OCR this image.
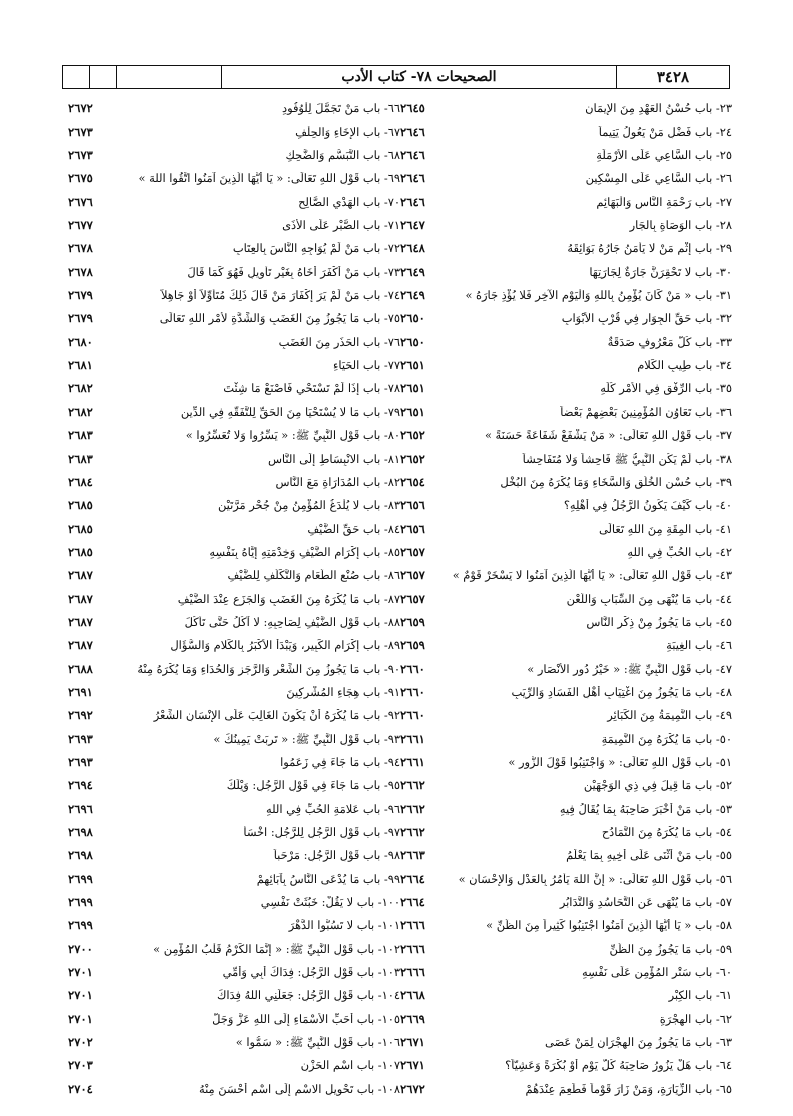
الصحيحات ٧٨- كتاب الأدب	٣٤٢٨
٢٣- باب حُسْنُ العَهْدِ مِنَ الإيمَانِ
٢٦٤٥
٢٤- باب فَضْلِ مَنْ يَعُولُ يَتِيماً
٢٦٤٦
٢٥- باب السَّاعِي عَلَى الأَرْمَلَةِ
٢٦٤٦
٢٦- باب السَّاعِي عَلَى المِسْكِينِ
٢٦٤٦
٢٧- باب رَحْمَةِ النَّاسِ وَالْبَهَائِمِ
٢٦٤٦
٢٨- باب الوَصَاةِ بِالجَارِ
٢٦٤٧
٢٩- باب إِثْمِ مَنْ لا يَأْمَنُ جَارُهُ بَوَائِقَهُ
٢٦٤٨
٣٠- باب لا تَحْقِرَنَّ جَارَةٌ لِجَارَتِهَا
٢٦٤٩
٣١- باب « مَنْ كَانَ يُؤْمِنُ بِاللهِ وَالْيَوْمِ الآخِرِ فَلا يُؤْذِ جَارَهُ »
٢٦٤٩
٣٢- باب حَقِّ الجِوَارِ فِي قُرْبِ الأَبْوَابِ
٢٦٥٠
٣٣- باب كُلُّ مَعْرُوفٍ صَدَقَةٌ
٢٦٥٠
٣٤- باب طِيبِ الكَلامِ
٢٦٥١
٣٥- باب الرِّفْقِ فِي الأَمْرِ كُلِّهِ
٢٦٥١
٣٦- باب تَعَاوُنِ المُؤْمِنِينَ بَعْضِهِمْ بَعْضاً
٢٦٥١
٣٧- باب قَوْلِ اللهِ تَعَالَى: « مَنْ يَشْفَعْ شَفَاعَةً حَسَنَةً »
٢٦٥٢
٣٨- باب لَمْ يَكُنِ النَّبِيُّ ﷺ فَاحِشاً وَلا مُتَفَاحِشاً
٢٦٥٢
٣٩- باب حُسْنِ الخُلُقِ وَالسَّخَاءِ وَمَا يُكْرَهُ مِنَ البُخْلِ
٢٦٥٤
٤٠- باب كَيْفَ يَكُونُ الرَّجُلُ فِي أَهْلِهِ؟
٢٦٥٦
٤١- باب المِقَةِ مِنَ اللهِ تَعَالَى
٢٦٥٦
٤٢- باب الحُبِّ فِي اللهِ
٢٦٥٧
٤٣- باب قَوْلِ اللهِ تَعَالَى: « يَا أَيُّهَا الَّذِينَ آمَنُوا لا يَسْخَرْ قَوْمٌ »
٢٦٥٧
٤٤- باب مَا يُنْهَى مِنَ السِّبَابِ وَاللَّعْنِ
٢٦٥٧
٤٥- باب مَا يَجُوزُ مِنْ ذِكْرِ النَّاسِ
٢٦٥٩
٤٦- باب الغِيبَةِ
٢٦٥٩
٤٧- باب قَوْلِ النَّبِيِّ ﷺ: « خَيْرُ دُورِ الأَنْصَارِ »
٢٦٦٠
٤٨- باب مَا يَجُوزُ مِنَ اغْتِيَابِ أَهْلِ الفَسَادِ وَالرِّيَبِ
٢٦٦٠
٤٩- باب النَّمِيمَةُ مِنَ الكَبَائِرِ
٢٦٦٠
٥٠- باب مَا يُكْرَهُ مِنَ النَّمِيمَةِ
٢٦٦١
٥١- باب قَوْلِ اللهِ تَعَالَى: « وَاجْتَنِبُوا قَوْلَ الزُّورِ »
٢٦٦١
٥٢- باب مَا قِيلَ فِي ذِي الوَجْهَيْنِ
٢٦٦٢
٥٣- باب مَنْ أَخْبَرَ صَاحِبَهُ بِمَا يُقَالُ فِيهِ
٢٦٦٢
٥٤- باب مَا يُكْرَهُ مِنَ التَّمَادُحِ
٢٦٦٢
٥٥- باب مَنْ أَثْنَى عَلَى أَخِيهِ بِمَا يَعْلَمُ
٢٦٦٣
٥٦- باب قَوْلِ اللهِ تَعَالَى: « إِنَّ اللهَ يَأْمُرُ بِالعَدْلِ وَالإِحْسَانِ »
٢٦٦٤
٥٧- باب مَا يُنْهَى عَنِ التَّحَاسُدِ وَالتَّدَابُرِ
٢٦٦٤
٥٨- باب « يَا أَيُّهَا الَّذِينَ آمَنُوا اجْتَنِبُوا كَثِيراً مِنَ الظَّنِّ »
٢٦٦٦
٥٩- باب مَا يَجُوزُ مِنَ الظَّنِّ
٢٦٦٦
٦٠- باب سَتْرِ المُؤْمِنِ عَلَى نَفْسِهِ
٢٦٦٦
٦١- باب الكِبْرِ
٢٦٦٨
٦٢- باب الهِجْرَةِ
٢٦٦٩
٦٣- باب مَا يَجُوزُ مِنَ الهِجْرَانِ لِمَنْ عَصَى
٢٦٧١
٦٤- باب هَلْ يَزُورُ صَاحِبَهُ كُلَّ يَوْمٍ أَوْ بُكْرَةً وَعَشِيّاً؟
٢٦٧١
٦٥- باب الزِّيَارَةِ، وَمَنْ زَارَ قَوْماً فَطَعِمَ عِنْدَهُمْ
٢٦٧٢
٦٦- باب مَنْ تَجَمَّلَ لِلْوُفُودِ
٢٦٧٢
٦٧- باب الإِخَاءِ وَالحِلْفِ
٢٦٧٣
٦٨- باب التَّبَسُّمِ وَالضَّحِكِ
٢٦٧٣
٦٩- باب قَوْلِ اللهِ تَعَالَى: « يَا أَيُّهَا الَّذِينَ آمَنُوا اتَّقُوا اللهَ »
٢٦٧٥
٧٠- باب الهَدْيِ الصَّالِحِ
٢٦٧٦
٧١- باب الصَّبْرِ عَلَى الأَذَى
٢٦٧٧
٧٢- باب مَنْ لَمْ يُوَاجِهِ النَّاسَ بِالعِتَابِ
٢٦٧٨
٧٣- باب مَنْ أَكْفَرَ أَخَاهُ بِغَيْرِ تَأْوِيلٍ فَهُوَ كَمَا قَالَ
٢٦٧٨
٧٤- باب مَنْ لَمْ يَرَ إِكْفَارَ مَنْ قَالَ ذَلِكَ مُتَأَوِّلاً أَوْ جَاهِلاً
٢٦٧٩
٧٥- باب مَا يَجُوزُ مِنَ الغَضَبِ وَالشِّدَّةِ لأَمْرِ اللهِ تَعَالَى
٢٦٧٩
٧٦- باب الحَذَرِ مِنَ الغَضَبِ
٢٦٨٠
٧٧- باب الحَيَاءِ
٢٦٨١
٧٨- باب إِذَا لَمْ تَسْتَحْيِ فَاصْنَعْ مَا شِئْتَ
٢٦٨٢
٧٩- باب مَا لا يُسْتَحْيَا مِنَ الحَقِّ لِلتَّفَقُّهِ فِي الدِّينِ
٢٦٨٢
٨٠- باب قَوْلِ النَّبِيِّ ﷺ: « يَسِّرُوا وَلا تُعَسِّرُوا »
٢٦٨٣
٨١- باب الانْبِسَاطِ إِلَى النَّاسِ
٢٦٨٣
٨٢- باب المُدَارَاةِ مَعَ النَّاسِ
٢٦٨٤
٨٣- باب لا يُلْدَغُ المُؤْمِنُ مِنْ جُحْرٍ مَرَّتَيْنِ
٢٦٨٥
٨٤- باب حَقِّ الضَّيْفِ
٢٦٨٥
٨٥- باب إِكْرَامِ الضَّيْفِ وَخِدْمَتِهِ إِيَّاهُ بِنَفْسِهِ
٢٦٨٥
٨٦- باب صُنْعِ الطَّعَامِ وَالتَّكَلُّفِ لِلضَّيْفِ
٢٦٨٧
٨٧- باب مَا يُكْرَهُ مِنَ الغَضَبِ وَالجَزَعِ عِنْدَ الضَّيْفِ
٢٦٨٧
٨٨- باب قَوْلِ الضَّيْفِ لِصَاحِبِهِ: لا آكُلُ حَتَّى تَأْكُلَ
٢٦٨٧
٨٩- باب إِكْرَامِ الكَبِيرِ، وَيَبْدَأُ الأَكْبَرُ بِالكَلامِ وَالسُّؤَالِ
٢٦٨٧
٩٠- باب مَا يَجُوزُ مِنَ الشِّعْرِ وَالرَّجَزِ وَالحُدَاءِ وَمَا يُكْرَهُ مِنْهُ
٢٦٨٨
٩١- باب هِجَاءِ المُشْرِكِينَ
٢٦٩١
٩٢- باب مَا يُكْرَهُ أَنْ يَكُونَ الغَالِبَ عَلَى الإِنْسَانِ الشِّعْرُ
٢٦٩٢
٩٣- باب قَوْلِ النَّبِيِّ ﷺ: « تَرِبَتْ يَمِينُكَ »
٢٦٩٣
٩٤- باب مَا جَاءَ فِي زَعَمُوا
٢٦٩٣
٩٥- باب مَا جَاءَ فِي قَوْلِ الرَّجُلِ: وَيْلَكَ
٢٦٩٤
٩٦- باب عَلامَةِ الحُبِّ فِي اللهِ
٢٦٩٦
٩٧- باب قَوْلِ الرَّجُلِ لِلرَّجُلِ: اخْسَأْ
٢٦٩٨
٩٨- باب قَوْلِ الرَّجُلِ: مَرْحَباً
٢٦٩٨
٩٩- باب مَا يُدْعَى النَّاسُ بِآبَائِهِمْ
٢٦٩٩
١٠٠- باب لا يَقُلْ: خَبُثَتْ نَفْسِي
٢٦٩٩
١٠١- باب لا تَسُبُّوا الدَّهْرَ
٢٦٩٩
١٠٢- باب قَوْلِ النَّبِيِّ ﷺ: « إِنَّمَا الكَرْمُ قَلْبُ المُؤْمِنِ »
٢٧٠٠
١٠٣- باب قَوْلِ الرَّجُلِ: فِدَاكَ أَبِي وَأُمِّي
٢٧٠١
١٠٤- باب قَوْلِ الرَّجُلِ: جَعَلَنِي اللهُ فِدَاكَ
٢٧٠١
١٠٥- باب أَحَبِّ الأَسْمَاءِ إِلَى اللهِ عَزَّ وَجَلَّ
٢٧٠١
١٠٦- باب قَوْلِ النَّبِيِّ ﷺ: « سَمُّوا »
٢٧٠٢
١٠٧- باب اسْمِ الحَزْنِ
٢٧٠٣
١٠٨- باب تَحْوِيلِ الاسْمِ إِلَى اسْمٍ أَحْسَنَ مِنْهُ
٢٧٠٤
